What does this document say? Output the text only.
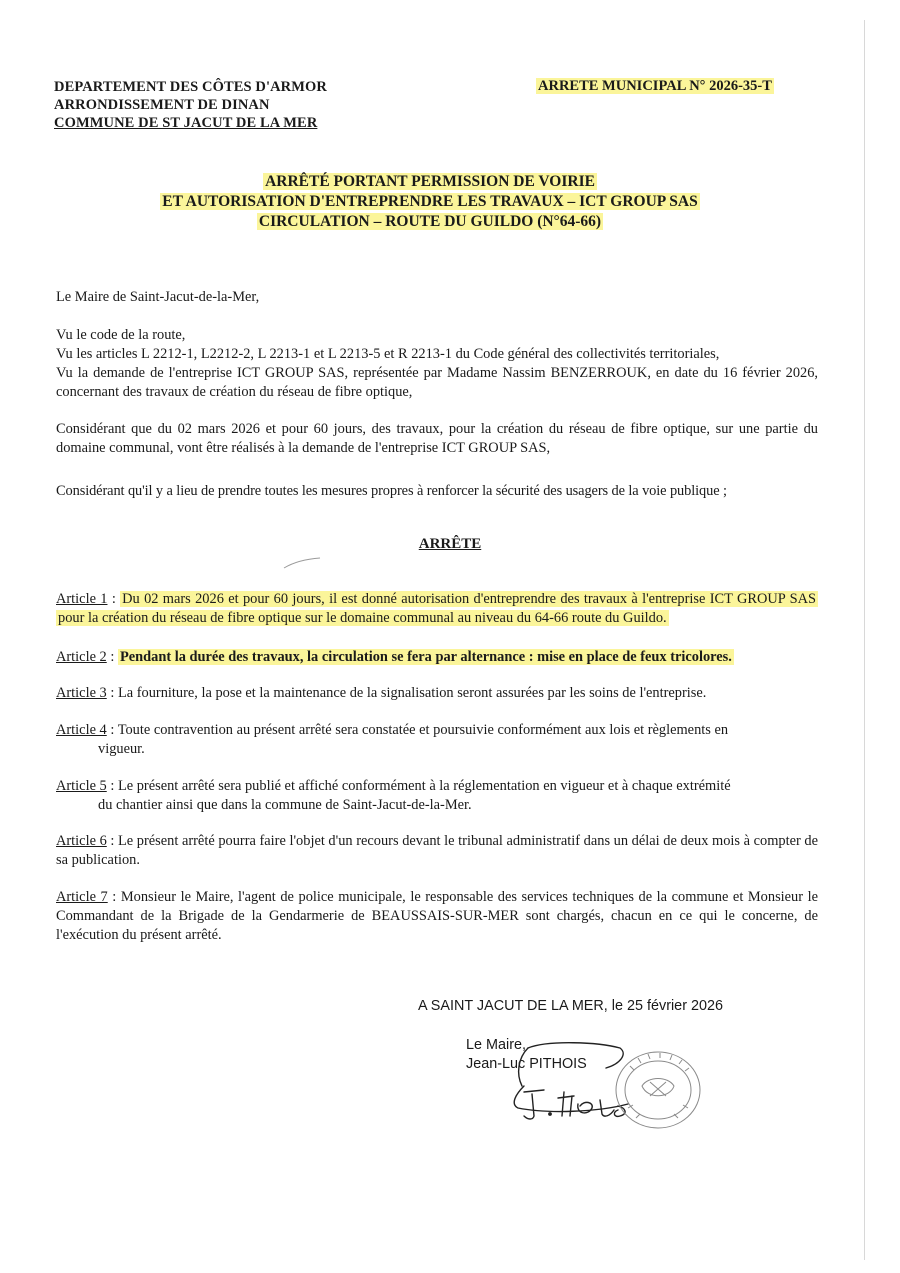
DEPARTEMENT DES CÔTES D'ARMOR
ARRONDISSEMENT DE DINAN
COMMUNE DE ST JACUT DE LA MER
ARRETE MUNICIPAL N° 2026-35-T
ARRÊTÉ PORTANT PERMISSION DE VOIRIE
ET AUTORISATION D'ENTREPRENDRE LES TRAVAUX – ICT GROUP SAS
CIRCULATION – ROUTE DU GUILDO (N°64-66)
Le Maire de Saint-Jacut-de-la-Mer,
Vu le code de la route,
Vu les articles L 2212-1, L2212-2, L 2213-1 et L 2213-5 et R 2213-1 du Code général des collectivités territoriales,
Vu la demande de l'entreprise ICT GROUP SAS, représentée par Madame Nassim BENZERROUK, en date du 16 février 2026, concernant des travaux de création du réseau de fibre optique,
Considérant que du 02 mars 2026 et pour 60 jours, des travaux, pour la création du réseau de fibre optique, sur une partie du domaine communal, vont être réalisés à la demande de l'entreprise ICT GROUP SAS,
Considérant qu'il y a lieu de prendre toutes les mesures propres à renforcer la sécurité des usagers de la voie publique ;
ARRÊTE
Article 1 : Du 02 mars 2026 et pour 60 jours, il est donné autorisation d'entreprendre des travaux à l'entreprise ICT GROUP SAS pour la création du réseau de fibre optique sur le domaine communal au niveau du 64-66 route du Guildo.
Article 2 : Pendant la durée des travaux, la circulation se fera par alternance : mise en place de feux tricolores.
Article 3 : La fourniture, la pose et la maintenance de la signalisation seront assurées par les soins de l'entreprise.
Article 4 : Toute contravention au présent arrêté sera constatée et poursuivie conformément aux lois et règlements en
vigueur.
Article 5 : Le présent arrêté sera publié et affiché conformément à la réglementation en vigueur et à chaque extrémité
du chantier ainsi que dans la commune de Saint-Jacut-de-la-Mer.
Article 6 : Le présent arrêté pourra faire l'objet d'un recours devant le tribunal administratif dans un délai de deux mois à compter de sa publication.
Article 7 : Monsieur le Maire, l'agent de police municipale, le responsable des services techniques de la commune et Monsieur le Commandant de la Brigade de la Gendarmerie de BEAUSSAIS-SUR-MER sont chargés, chacun en ce qui le concerne, de l'exécution du présent arrêté.
A SAINT JACUT DE LA MER, le 25 février 2026
Le Maire,
Jean-Luc PITHOIS
